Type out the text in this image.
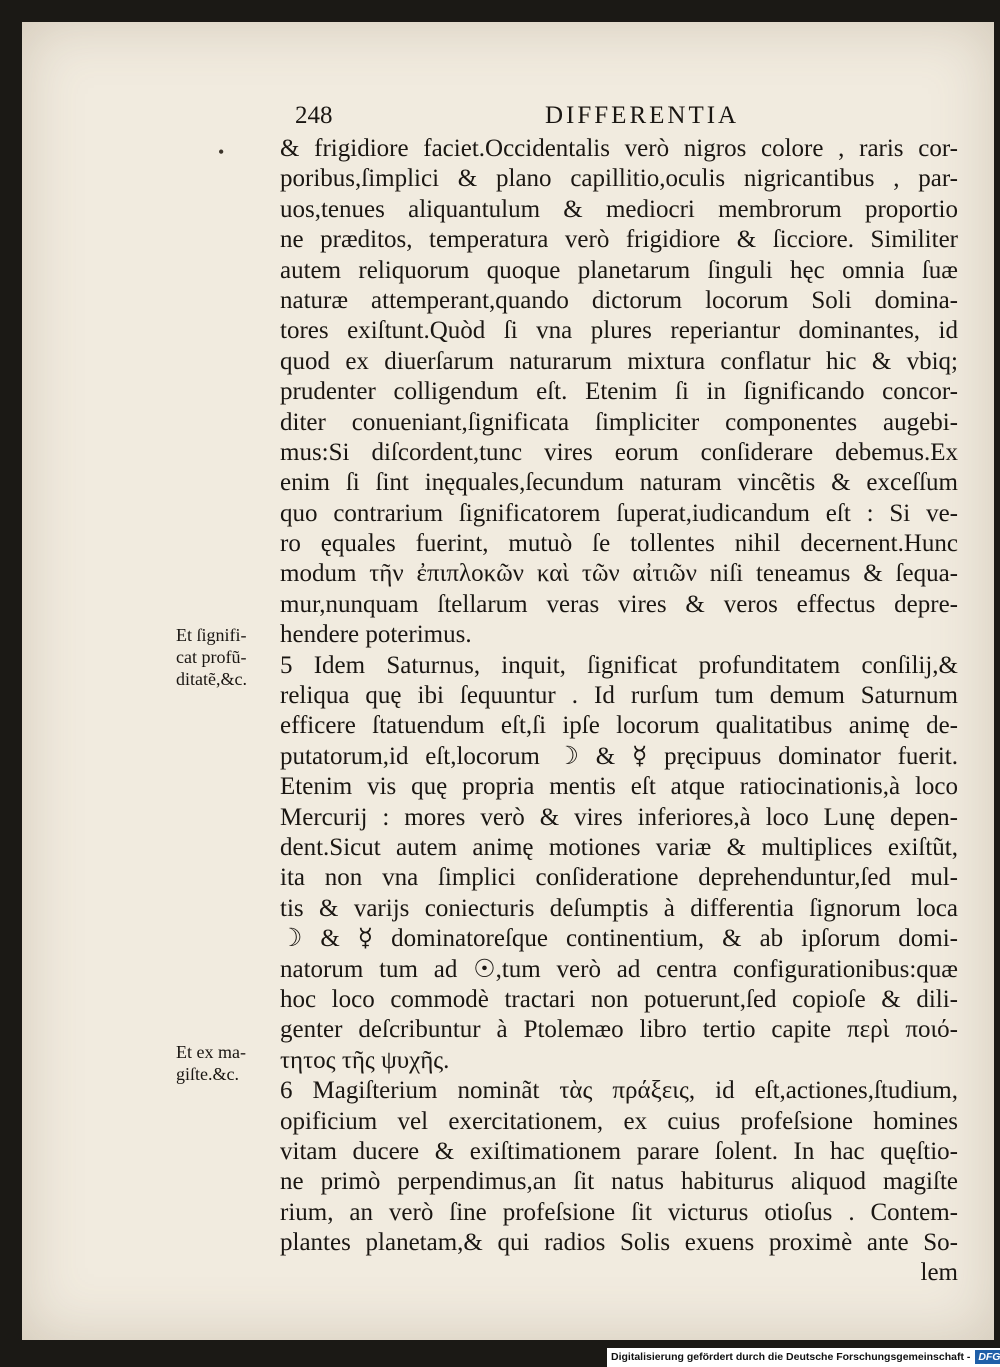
248	DIFFERENTIA
•
Et ſignifi-
cat profũ-
ditatẽ,&c.
Et ex ma-
giſte.&c.
& frigidiore faciet.Occidentalis verò nigros colore , raris cor-
poribus,ſimplici & plano capillitio,oculis nigricantibus , par-
uos,tenues aliquantulum & mediocri membrorum proportio
ne præditos, temperatura verò frigidiore & ſicciore. Similiter
autem reliquorum quoque planetarum ſinguli hęc omnia ſuæ
naturæ attemperant,quando dictorum locorum Soli domina-
tores exiſtunt.Quòd ſi vna plures reperiantur dominantes, id
quod ex diuerſarum naturarum mixtura conflatur hic & vbiq;
prudenter colligendum eſt. Etenim ſi in ſignificando concor-
diter conueniant,ſignificata ſimpliciter componentes augebi-
mus:Si diſcordent,tunc vires eorum conſiderare debemus.Ex
enim ſi ſint inęquales,ſecundum naturam vincẽtis & exceſſum
quo contrarium ſignificatorem ſuperat,iudicandum eſt : Si ve-
ro ęquales fuerint, mutuò ſe tollentes nihil decernent.Hunc
modum τῆν ἐπιπλοκῶν καὶ τῶν αἰτιῶν niſi teneamus & ſequa-
mur,nunquam ſtellarum veras vires & veros effectus depre-
hendere poterimus.
5 Idem Saturnus, inquit, ſignificat profunditatem conſilij,&
reliqua quę ibi ſequuntur . Id rurſum tum demum Saturnum
efficere ſtatuendum eſt,ſi ipſe locorum qualitatibus animę de-
putatorum,id eſt,locorum ☽ & ☿ pręcipuus dominator fuerit.
Etenim vis quę propria mentis eſt atque ratiocinationis,à loco
Mercurij : mores verò & vires inferiores,à loco Lunę depen-
dent.Sicut autem animę motiones variæ & multiplices exiſtũt,
ita non vna ſimplici conſideratione deprehenduntur,ſed mul-
tis & varijs coniecturis deſumptis à differentia ſignorum loca
☽ & ☿ dominatoreſque continentium, & ab ipſorum domi-
natorum tum ad ☉,tum verò ad centra configurationibus:quæ
hoc loco commodè tractari non potuerunt,ſed copioſe & dili-
genter deſcribuntur à Ptolemæo libro tertio capite περὶ ποιό-
τητος τῆς ψυχῆς.
6 Magiſterium nominãt τὰς πράξεις, id eſt,actiones,ſtudium,
opificium vel exercitationem, ex cuius profeſsione homines
vitam ducere & exiſtimationem parare ſolent. In hac quęſtio-
ne primò perpendimus,an ſit natus habiturus aliquod magiſte
rium, an verò ſine profeſsione ſit victurus otioſus . Contem-
plantes planetam,& qui radios Solis exuens proximè ante So-
lem
Digitalisierung gefördert durch die Deutsche Forschungsgemeinschaft - DFG
